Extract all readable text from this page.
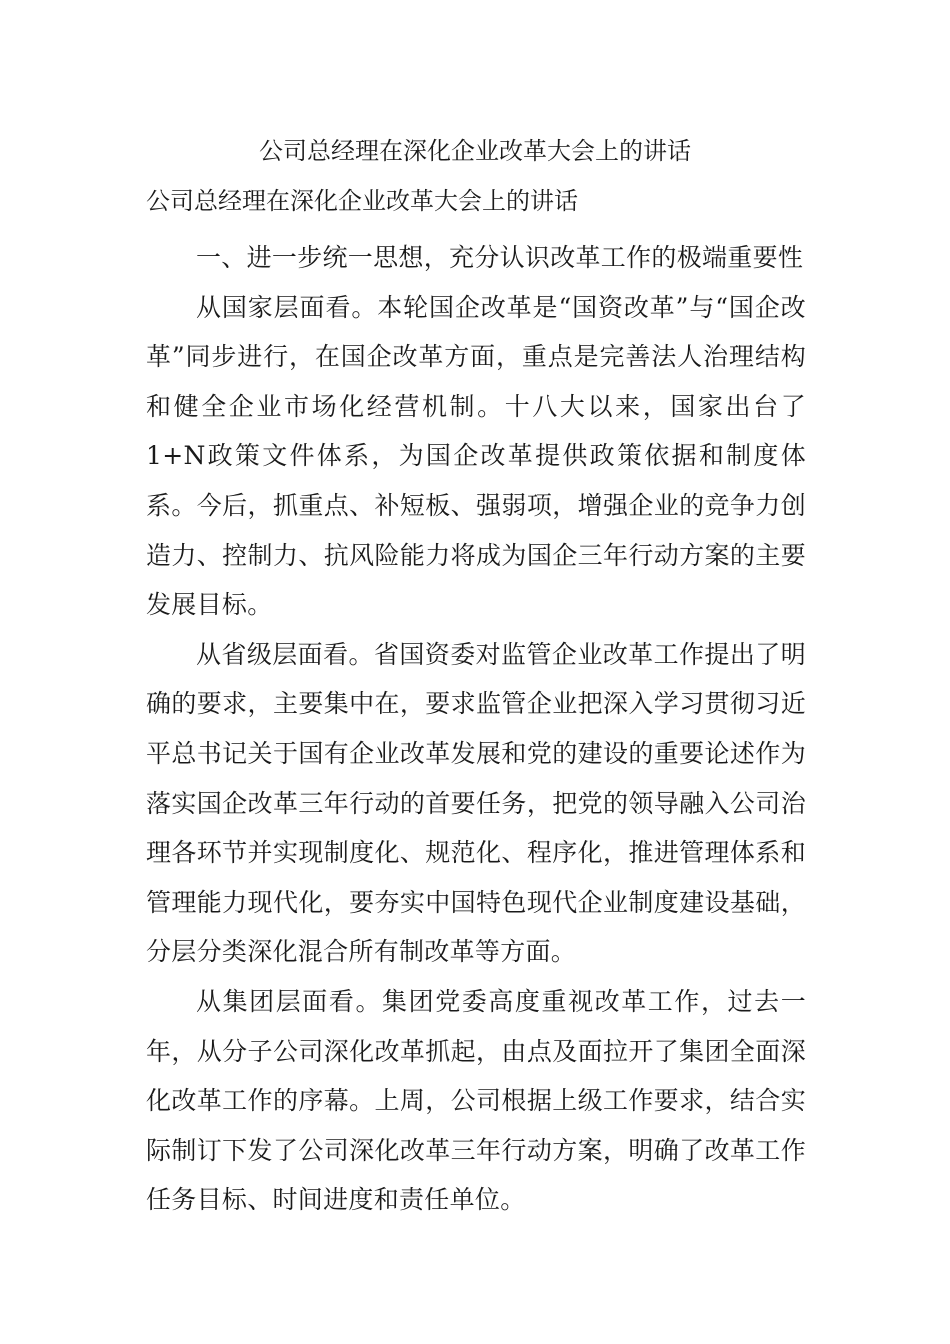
公司总经理在深化企业改革大会上的讲话
公司总经理在深化企业改革大会上的讲话

一、进一步统一思想，充分认识改革工作的极端重要性

从国家层面看。本轮国企改革是“国资改革”与“国企改革”同步进行，在国企改革方面，重点是完善法人治理结构和健全企业市场化经营机制。十八大以来，国家出台了1+N政策文件体系，为国企改革提供政策依据和制度体系。今后，抓重点、补短板、强弱项，增强企业的竞争力创造力、控制力、抗风险能力将成为国企三年行动方案的主要发展目标。

从省级层面看。省国资委对监管企业改革工作提出了明确的要求，主要集中在，要求监管企业把深入学习贯彻习近平总书记关于国有企业改革发展和党的建设的重要论述作为落实国企改革三年行动的首要任务，把党的领导融入公司治理各环节并实现制度化、规范化、程序化，推进管理体系和管理能力现代化，要夯实中国特色现代企业制度建设基础，分层分类深化混合所有制改革等方面。

从集团层面看。集团党委高度重视改革工作，过去一年，从分子公司深化改革抓起，由点及面拉开了集团全面深化改革工作的序幕。上周，公司根据上级工作要求，结合实际制订下发了公司深化改革三年行动方案，明确了改革工作任务目标、时间进度和责任单位。
